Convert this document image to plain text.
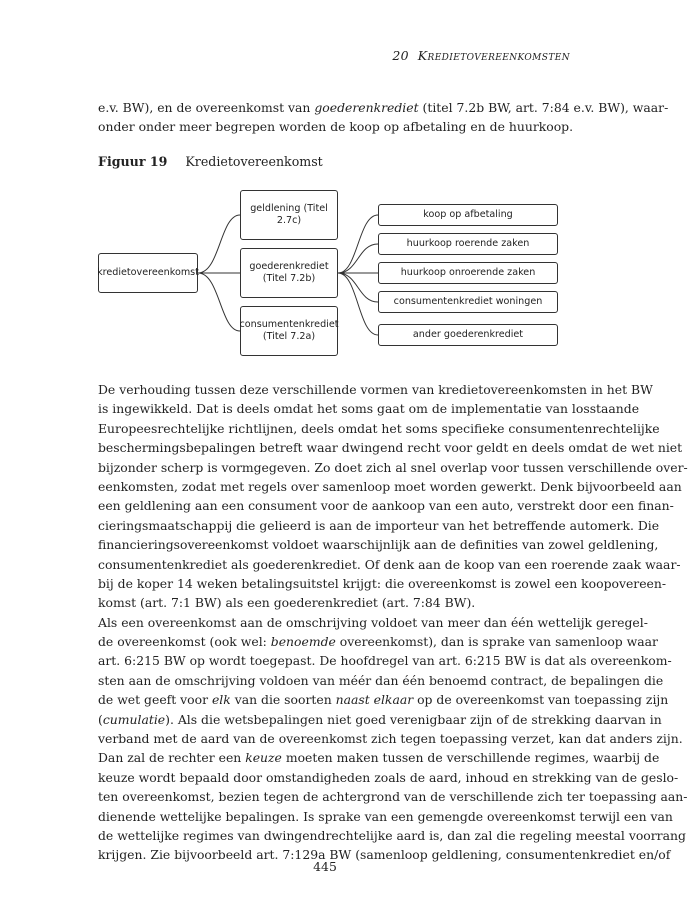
20 Kredietovereenkomsten
e.v. BW), en de overeenkomst van goederenkrediet (titel 7.2b BW, art. 7:84 e.v. BW), waar-
onder onder meer begrepen worden de koop op afbetaling en de huurkoop.
Figuur 19 Kredietovereenkomst
kredietovereenkomst
geldlening (Titel 2.7c)
goederenkrediet
(Titel 7.2b)
consumentenkrediet
(Titel 7.2a)
koop op afbetaling
huurkoop roerende zaken
huurkoop onroerende zaken
consumentenkrediet woningen
ander goederenkrediet
De verhouding tussen deze verschillende vormen van kredietovereenkomsten in het BW
is ingewikkeld. Dat is deels omdat het soms gaat om de implementatie van losstaande
Europeesrechtelijke richtlijnen, deels omdat het soms specifieke consumentenrechtelijke
beschermingsbepalingen betreft waar dwingend recht voor geldt en deels omdat de wet niet
bijzonder scherp is vormgegeven. Zo doet zich al snel overlap voor tussen verschillende over-
eenkomsten, zodat met regels over samenloop moet worden gewerkt. Denk bijvoorbeeld aan
een geldlening aan een consument voor de aankoop van een auto, verstrekt door een finan-
cieringsmaatschappij die gelieerd is aan de importeur van het betreffende automerk. Die
financieringsovereenkomst voldoet waarschijnlijk aan de definities van zowel geldlening,
consumentenkrediet als goederenkrediet. Of denk aan de koop van een roerende zaak waar-
bij de koper 14 weken betalingsuitstel krijgt: die overeenkomst is zowel een koopovereen-
komst (art. 7:1 BW) als een goederenkrediet (art. 7:84 BW).
Als een overeenkomst aan de omschrijving voldoet van meer dan één wettelijk geregel-
de overeenkomst (ook wel: benoemde overeenkomst), dan is sprake van samenloop waar
art. 6:215 BW op wordt toegepast. De hoofdregel van art. 6:215 BW is dat als overeenkom-
sten aan de omschrijving voldoen van méér dan één benoemd contract, de bepalingen die
de wet geeft voor elk van die soorten naast elkaar op de overeenkomst van toepassing zijn
(cumulatie). Als die wetsbepalingen niet goed verenigbaar zijn of de strekking daarvan in
verband met de aard van de overeenkomst zich tegen toepassing verzet, kan dat anders zijn.
Dan zal de rechter een keuze moeten maken tussen de verschillende regimes, waarbij de
keuze wordt bepaald door omstandigheden zoals de aard, inhoud en strekking van de geslo-
ten overeenkomst, bezien tegen de achtergrond van de verschillende zich ter toepassing aan-
dienende wettelijke bepalingen. Is sprake van een gemengde overeenkomst terwijl een van
de wettelijke regimes van dwingendrechtelijke aard is, dan zal die regeling meestal voorrang
krijgen. Zie bijvoorbeeld art. 7:129a BW (samenloop geldlening, consumentenkrediet en/of
445
